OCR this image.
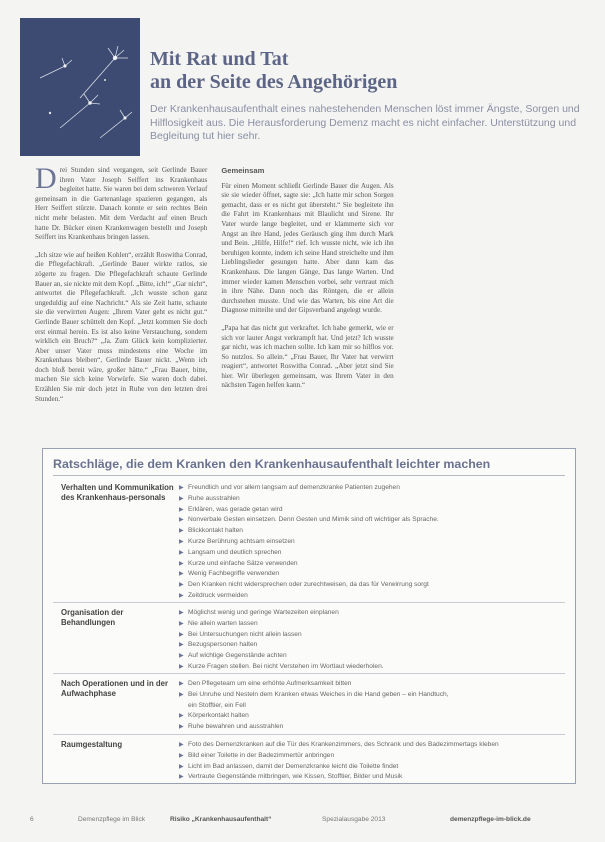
Mit Rat und Tat
an der Seite des Angehörigen
Der Krankenhausaufenthalt eines nahestehenden Menschen löst immer Ängste, Sorgen und Hilflosigkeit aus. Die Herausforderung Demenz macht es nicht einfacher. Unterstützung und Begleitung tut hier sehr.

Drei Stunden sind vergangen, seit Gerlinde Bauer ihren Vater Joseph Seiffert ins Krankenhaus begleitet hatte. Sie waren bei dem schweren Verlauf gemeinsam in die Gartenanlage spazieren gegangen, als Herr Seiffert stürzte. Danach konnte er sein rechtes Bein nicht mehr belasten. Mit dem Verdacht auf einen Bruch hatte Dr. Bücker einen Krankenwagen bestellt und Joseph Seiffert ins Krankenhaus bringen lassen.

„Ich sitze wie auf heißen Kohlen“, erzählt Roswitha Conrad, die Pflegefachkraft. „Gerlinde Bauer wirkte ratlos, sie zögerte zu fragen. Die Pflegefachkraft schaute Gerlinde Bauer an, sie nickte mit dem Kopf. „Bitte, ich!“ „Gar nicht“, antwortet die Pflegefachkraft. „Ich wusste schon ganz ungeduldig auf eine Nachricht.“ Als sie Zeit hatte, schaute sie die verwirrten Augen: „Ihrem Vater geht es nicht gut.“ Gerlinde Bauer schüttelt den Kopf. „Jetzt kommen Sie doch erst einmal herein. Es ist also keine Verstauchung, sondern wirklich ein Bruch?“ „Ja. Zum Glück kein komplizierter. Aber unser Vater muss mindestens eine Woche im Krankenhaus bleiben“, Gerlinde Bauer nickt. „Wenn ich doch bloß bereit wäre, großer hätte.“ „Frau Bauer, bitte, machen Sie sich keine Vorwürfe. Sie waren doch dabei. Erzählen Sie mir doch jetzt in Ruhe von den letzten drei Stunden.“

Gemeinsam

Für einen Moment schließt Gerlinde Bauer die Augen. Als sie sie wieder öffnet, sagte sie: „Ich hatte mir schon Sorgen gemacht, dass er es nicht gut übersteht.“ Sie begleitete ihn die Fahrt im Krankenhaus mit Blaulicht und Sirene. Ihr Vater wurde lange begleitet, und er klammerte sich vor Angst an ihre Hand, jedes Geräusch ging ihm durch Mark und Bein. „Hilfe, Hilfe!“ rief. Ich wusste nicht, wie ich ihn beruhigen konnte, indem ich seine Hand streichelte und ihm Lieblingslieder gesungen hatte. Aber dann kam das Krankenhaus. Die langen Gänge, Das lange Warten. Und immer wieder kamen Menschen vorbei, sehr vertraut mich in ihre Nähe. Dann noch das Röntgen, die er allein durchstehen musste. Und wie das Warten, bis eine Art die Diagnose mitteilte und der Gipsverband angelegt wurde.

„Papa hat das nicht gut verkraftet. Ich habe gemerkt, wie er sich vor lauter Angst verkrampft hat. Und jetzt? Ich wusste gar nicht, was ich machen sollte. Ich kam mir so hilflos vor. So nutzlos. So allein.“ „Frau Bauer, Ihr Vater hat verwirrt reagiert“, antwortet Roswitha Conrad. „Aber jetzt sind Sie hier. Wir überlegen gemeinsam, was Ihrem Vater in den nächsten Tagen helfen kann.“

Ratschläge, die dem Kranken den Krankenhausaufenthalt leichter machen
Verhalten und Kommunikation des Krankenhaus-personals
▶ Freundlich und vor allem langsam auf demenzkranke Patienten zugehen
▶ Ruhe ausstrahlen
▶ Erklären, was gerade getan wird
▶ Nonverbale Gesten einsetzen. Denn Gesten und Mimik sind oft wichtiger als Sprache.
▶ Blickkontakt halten
▶ Kurze Berührung achtsam einsetzen
▶ Langsam und deutlich sprechen
▶ Kurze und einfache Sätze verwenden
▶ Wenig Fachbegriffe verwenden
▶ Den Kranken nicht widersprechen oder zurechtweisen, da das für Verwirrung sorgt
▶ Zeitdruck vermeiden
Organisation der Behandlungen
▶ Möglichst wenig und geringe Wartezeiten einplanen
▶ Nie allein warten lassen
▶ Bei Untersuchungen nicht allein lassen
▶ Bezugspersonen halten
▶ Auf wichtige Gegenstände achten
▶ Kurze Fragen stellen. Bei nicht Verstehen im Wortlaut wiederholen.
Nach Operationen und in der Aufwachphase
▶ Den Pflegeteam um eine erhöhte Aufmerksamkeit bitten
▶ Bei Unruhe und Nesteln dem Kranken etwas Weiches in die Hand geben – ein Handtuch,
ein Stofftier, ein Fell
▶ Körperkontakt halten
▶ Ruhe bewahren und ausstrahlen
Raumgestaltung	▶ Foto des Demenzkranken auf die Tür des Krankenzimmers, des Schrank und des Badezimmertags kleben
▶ Bild einer Toilette in der Badezimmertür anbringen
▶ Licht im Bad anlassen, damit der Demenzkranke leicht die Toilette findet
▶ Vertraute Gegenstände mitbringen, wie Kissen, Stofftier, Bilder und Musik
6	Demenzpflege im Blick	Risiko „Krankenhausaufenthalt“	Spezialausgabe 2013	demenzpflege-im-blick.de
